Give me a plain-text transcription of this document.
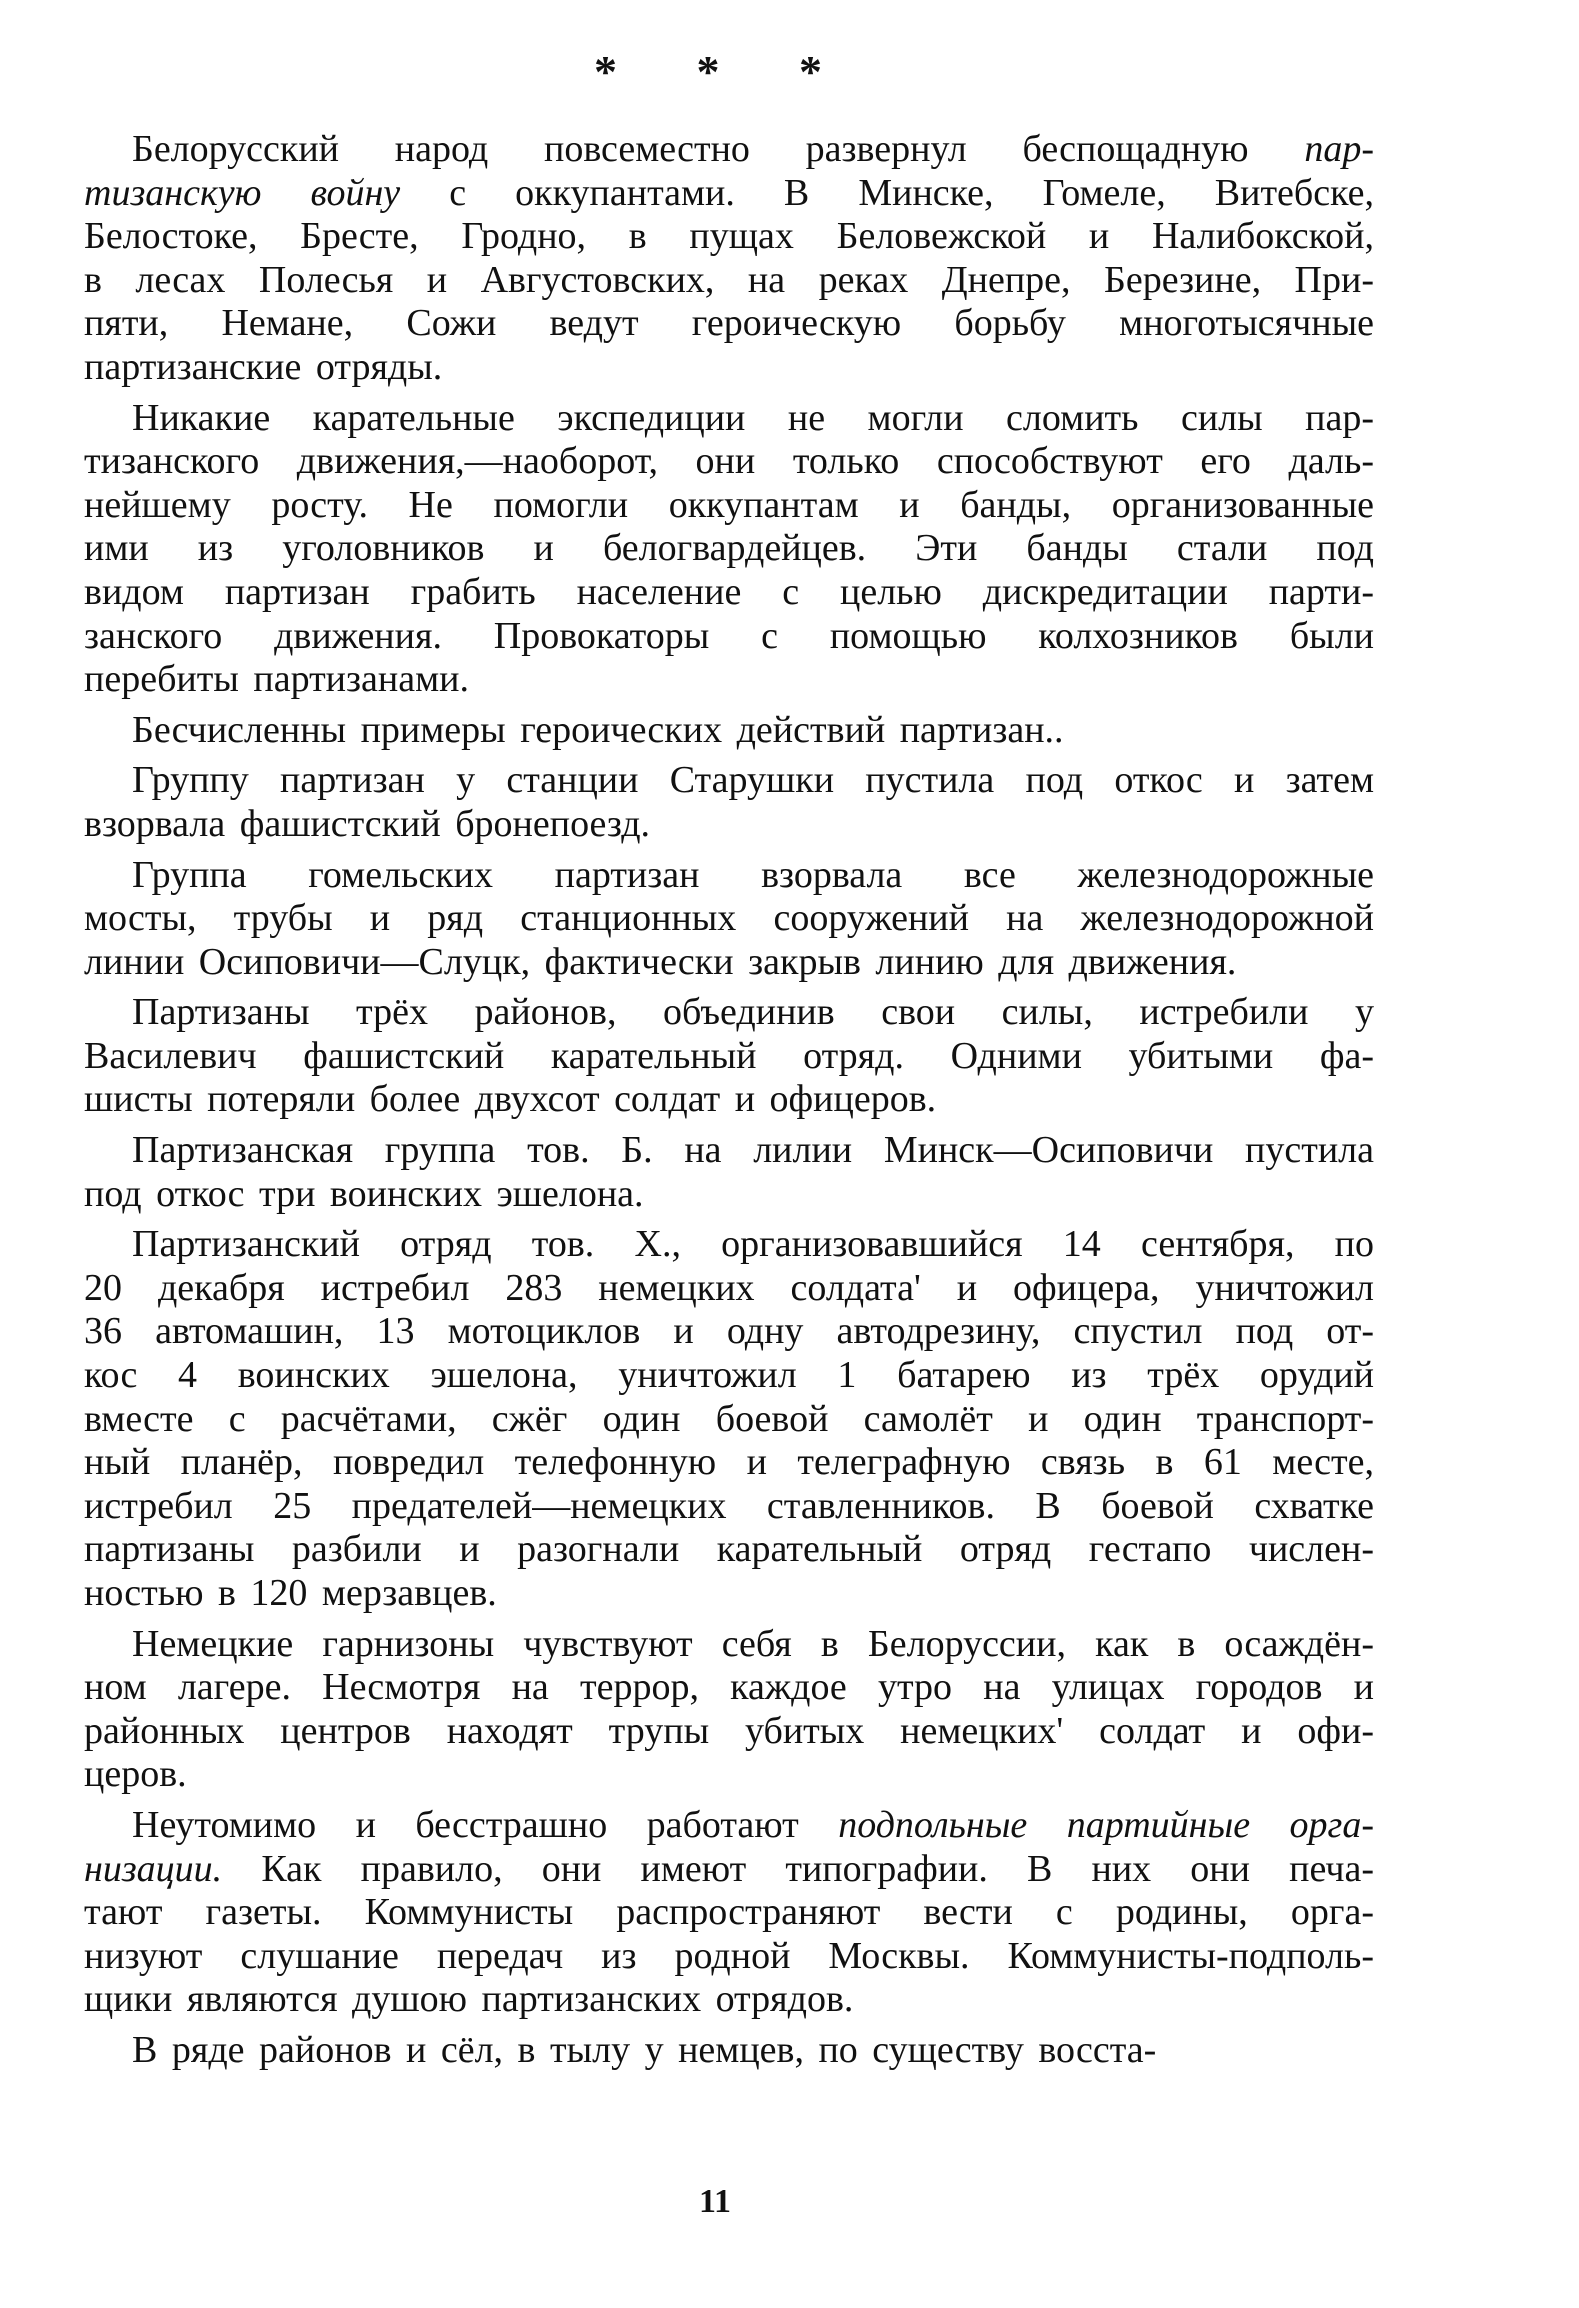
* * *

Белорусский народ повсеместно развернул беспощадную пар-
тизанскую войну с оккупантами. В Минске, Гомеле, Витебске,
Белостоке, Бресте, Гродно, в пущах Беловежской и Налибокской,
в лесах Полесья и Августовских, на реках Днепре, Березине, При-
пяти, Немане, Сожи ведут героическую борьбу многотысячные
партизанские отряды.

Никакие карательные экспедиции не могли сломить силы пар-
тизанского движения,—наоборот, они только способствуют его даль-
нейшему росту. Не помогли оккупантам и банды, организованные
ими из уголовников и белогвардейцев. Эти банды стали под
видом партизан грабить население с целью дискредитации парти-
занского движения. Провокаторы с помощью колхозников были
перебиты партизанами.

Бесчисленны примеры героических действий партизан..

Группу партизан у станции Старушки пустила под откос и затем
взорвала фашистский бронепоезд.

Группа гомельских партизан взорвала все железнодорожные
мосты, трубы и ряд станционных сооружений на железнодорожной
линии Осиповичи—Слуцк, фактически закрыв линию для движения.

Партизаны трёх районов, объединив свои силы, истребили у
Василевич фашистский карательный отряд. Одними убитыми фа-
шисты потеряли более двухсот солдат и офицеров.

Партизанская группа тов. Б. на лилии Минск—Осиповичи пустила
под откос три воинских эшелона.

Партизанский отряд тов. X., организовавшийся 14 сентября, по
20 декабря истребил 283 немецких солдата' и офицера, уничтожил
36 автомашин, 13 мотоциклов и одну автодрезину, спустил под от-
кос 4 воинских эшелона, уничтожил 1 батарею из трёх орудий
вместе с расчётами, сжёг один боевой самолёт и один транспорт-
ный планёр, повредил телефонную и телеграфную связь в 61 месте,
истребил 25 предателей—немецких ставленников. В боевой схватке
партизаны разбили и разогнали карательный отряд гестапо числен-
ностью в 120 мерзавцев.

Немецкие гарнизоны чувствуют себя в Белоруссии, как в осаждён-
ном лагере. Несмотря на террор, каждое утро на улицах городов и
районных центров находят трупы убитых немецких' солдат и офи-
церов.

Неутомимо и бесстрашно работают подпольные партийные орга-
низации. Как правило, они имеют типографии. В них они печа-
тают газеты. Коммунисты распространяют вести с родины, орга-
низуют слушание передач из родной Москвы. Коммунисты-подполь-
щики являются душою партизанских отрядов.

В ряде районов и сёл, в тылу у немцев, по существу восста-

11
